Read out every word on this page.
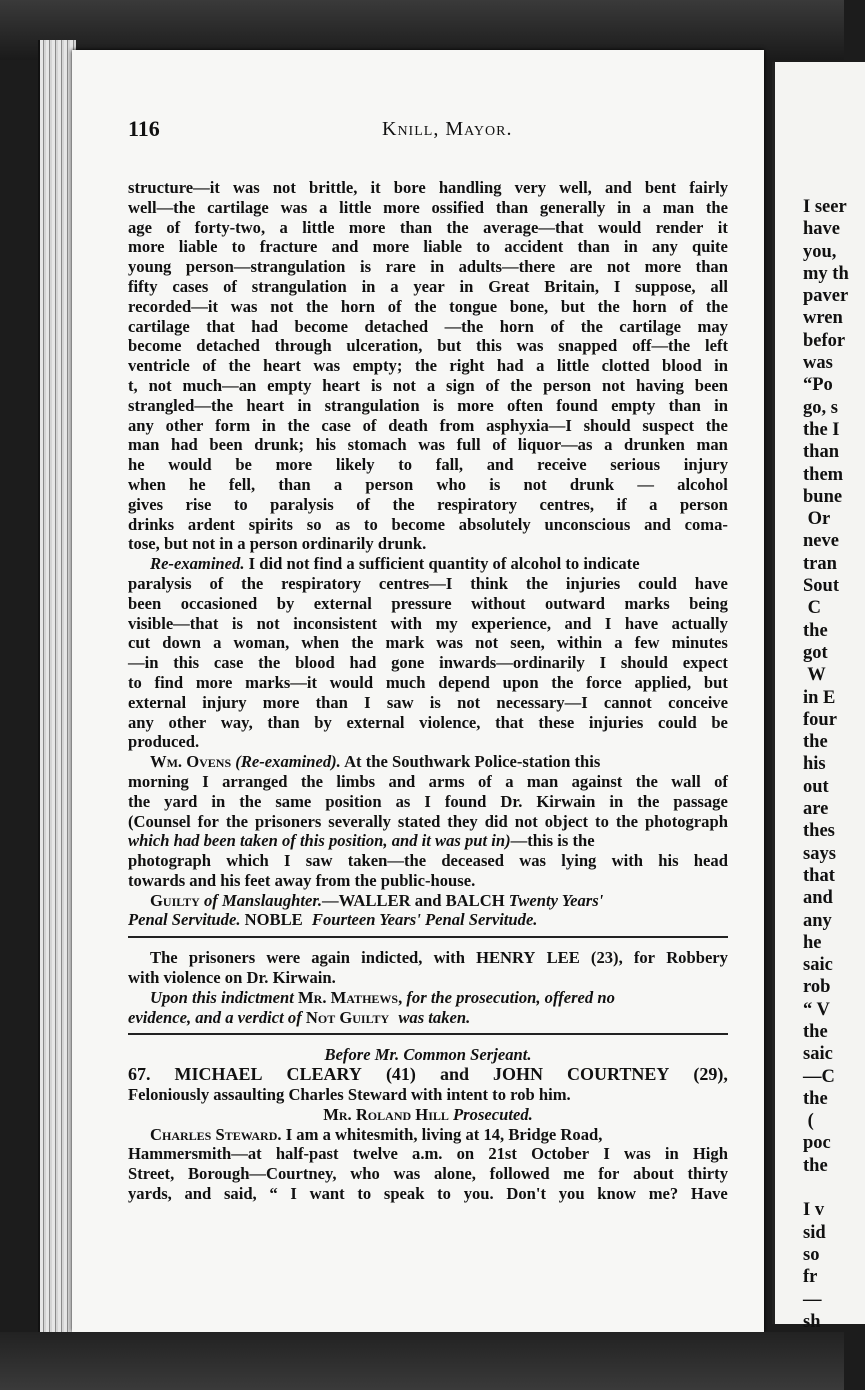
I seer
have
you,
my th
paver
wren
befor
was
“Po
go, s
the I
than
them
bune
Or
neve
tran
Sout
C
the
got
W
in E
four
the
his
out
are
thes
says
that
and
any
he
saic
rob
“ V
the
saic
—C
the
(
poc
the

I v
sid
so
fr
—
sh

116	Knill, Mayor.
structure—it was not brittle, it bore handling very well, and bent fairly
well—the cartilage was a little more ossified than generally in a man the
age of forty-two, a little more than the average—that would render it
more liable to fracture and more liable to accident than in any quite
young person—strangulation is rare in adults—there are not more than
fifty cases of strangulation in a year in Great Britain, I suppose, all
recorded—it was not the horn of the tongue bone, but the horn of the
cartilage that had become detached —the horn of the cartilage may
become detached through ulceration, but this was snapped off—the left
ventricle of the heart was empty; the right had a little clotted blood in
t, not much—an empty heart is not a sign of the person not having been
strangled—the heart in strangulation is more often found empty than in
any other form in the case of death from asphyxia—I should suspect the
man had been drunk; his stomach was full of liquor—as a drunken man
he would be more likely to fall, and receive serious injury
when he fell, than a person who is not drunk — alcohol
gives rise to paralysis of the respiratory centres, if a person
drinks ardent spirits so as to become absolutely unconscious and coma-
tose, but not in a person ordinarily drunk.
Re-examined. I did not find a sufficient quantity of alcohol to indicate
paralysis of the respiratory centres—I think the injuries could have
been occasioned by external pressure without outward marks being
visible—that is not inconsistent with my experience, and I have actually
cut down a woman, when the mark was not seen, within a few minutes
—in this case the blood had gone inwards—ordinarily I should expect
to find more marks—it would much depend upon the force applied, but
external injury more than I saw is not necessary—I cannot conceive
any other way, than by external violence, that these injuries could be
produced.
Wm. Ovens (Re-examined). At the Southwark Police-station this
morning I arranged the limbs and arms of a man against the wall of
the yard in the same position as I found Dr. Kirwain in the passage
(Counsel for the prisoners severally stated they did not object to the photograph
which had been taken of this position, and it was put in)—this is the
photograph which I saw taken—the deceased was lying with his head
towards and his feet away from the public-house.
Guilty of Manslaughter.—WALLER and BALCH Twenty Years'
Penal Servitude. NOBLE Fourteen Years' Penal Servitude.
The prisoners were again indicted, with HENRY LEE (23), for Robbery
with violence on Dr. Kirwain.
Upon this indictment Mr. Mathews, for the prosecution, offered no
evidence, and a verdict of Not Guilty was taken.
Before Mr. Common Serjeant.
67. MICHAEL CLEARY (41) and JOHN COURTNEY (29),
Feloniously assaulting Charles Steward with intent to rob him.
Mr. Roland Hill Prosecuted.
Charles Steward. I am a whitesmith, living at 14, Bridge Road,
Hammersmith—at half-past twelve a.m. on 21st October I was in High
Street, Borough—Courtney, who was alone, followed me for about thirty
yards, and said, “ I want to speak to you. Don't you know me? Have
